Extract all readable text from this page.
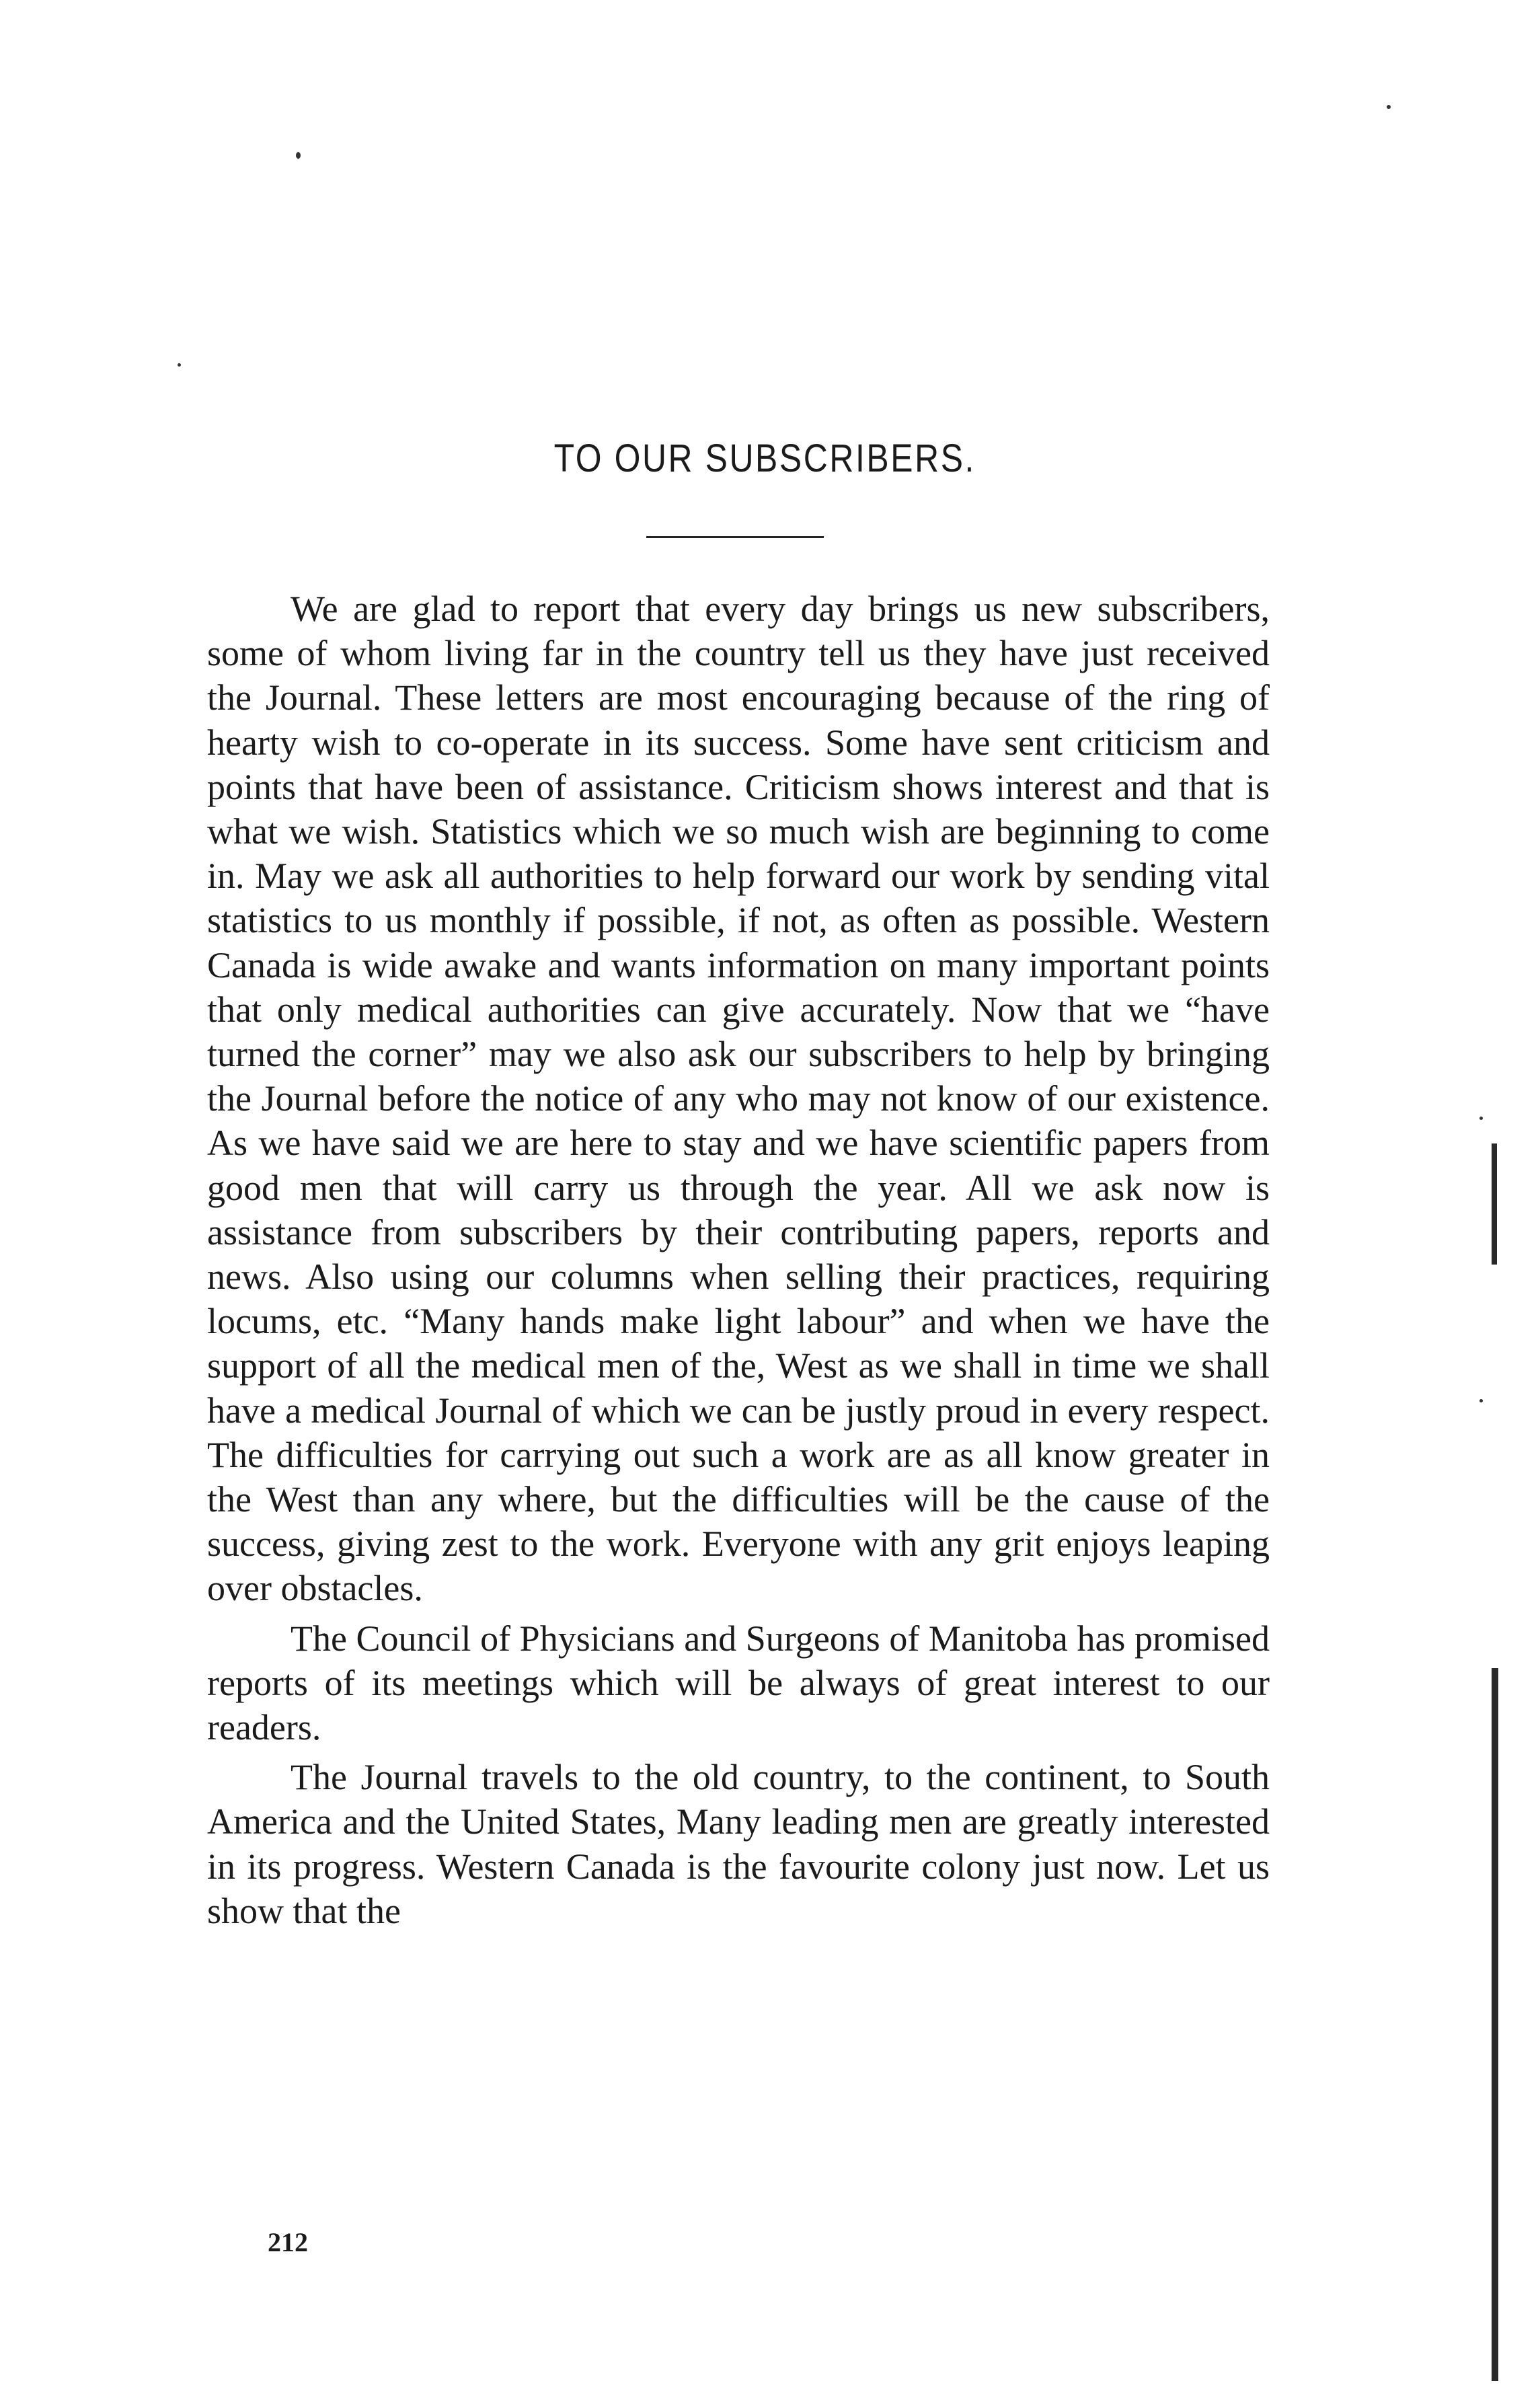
TO OUR SUBSCRIBERS.

We are glad to report that every day brings us new subscribers, some of whom living far in the country tell us they have just received the Journal. These letters are most encouraging because of the ring of hearty wish to co-operate in its success. Some have sent criticism and points that have been of assistance. Criticism shows interest and that is what we wish. Statistics which we so much wish are beginning to come in. May we ask all authorities to help forward our work by sending vital statistics to us monthly if possible, if not, as often as possible. Western Canada is wide awake and wants information on many important points that only medical authorities can give accurately. Now that we “have turned the corner” may we also ask our subscribers to help by bringing the Journal before the notice of any who may not know of our existence. As we have said we are here to stay and we have scientific papers from good men that will carry us through the year. All we ask now is assistance from subscribers by their contributing papers, reports and news. Also using our columns when selling their practices, requiring locums, etc. “Many hands make light labour” and when we have the support of all the medical men of the, West as we shall in time we shall have a medical Journal of which we can be justly proud in every respect. The difficulties for carrying out such a work are as all know greater in the West than any where, but the difficulties will be the cause of the success, giving zest to the work. Everyone with any grit enjoys leaping over obstacles.

The Council of Physicians and Surgeons of Manitoba has promised reports of its meetings which will be always of great interest to our readers.

The Journal travels to the old country, to the continent, to South America and the United States, Many leading men are greatly interested in its progress. Western Canada is the favourite colony just now. Let us show that the

212
